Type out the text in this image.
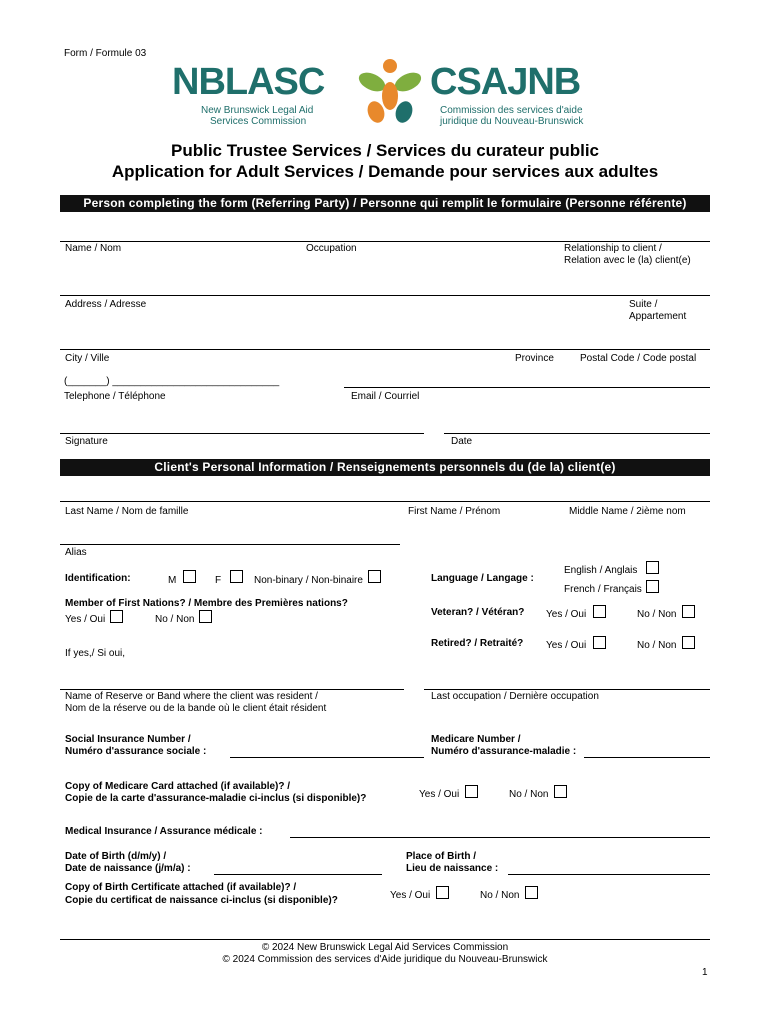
Form / Formule 03
NBLASC
New Brunswick Legal Aid
Services Commission
CSAJNB
Commission des services d'aide
juridique du Nouveau-Brunswick
Public Trustee Services / Services du curateur public
Application for Adult Services / Demande pour services aux adultes
Person completing the form (Referring Party) / Personne qui remplit le formulaire (Personne référente)
Name / Nom	Occupation	Relationship to client /
Relation avec le (la) client(e)
Address / Adresse	Suite /
Appartement
City / Ville	Province	Postal Code / Code postal
(_______) ______________________________
Telephone / Téléphone	Email / Courriel
Signature	Date
Client's Personal Information / Renseignements personnels du (de la) client(e)
Last Name / Nom de famille	First Name / Prénom	Middle Name / 2ième nom
Alias
Identification:	M	F	Non-binary / Non-binaire	Language / Langage :
English / Anglais
French / Français
Member of First Nations? / Membre des Premières nations?
Yes / Oui	No / Non
Veteran? / Vétéran? Yes / Oui	No / Non
Retired? / Retraité? Yes / Oui	No / Non
If yes,/ Si oui,
Name of Reserve or Band where the client was resident /
Nom de la réserve ou de la bande où le client était résident
Last occupation / Dernière occupation
Social Insurance Number /
Numéro d'assurance sociale :
Medicare Number /
Numéro d'assurance-maladie :
Copy of Medicare Card attached (if available)? /
Copie de la carte d'assurance-maladie ci-inclus (si disponible)?	Yes / Oui	No / Non
Medical Insurance / Assurance médicale :
Date of Birth (d/m/y) /
Date de naissance (j/m/a) :
Place of Birth /
Lieu de naissance :
Copy of Birth Certificate attached (if available)? /
Copie du certificat de naissance ci-inclus (si disponible)?	Yes / Oui	No / Non
© 2024 New Brunswick Legal Aid Services Commission
© 2024 Commission des services d'Aide juridique du Nouveau-Brunswick
1
